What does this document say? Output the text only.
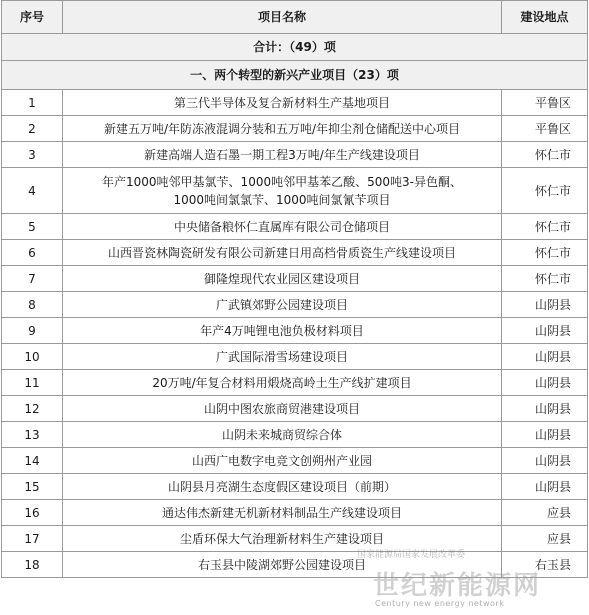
序号	项目名称	建设地点
合计：（49）项		
一、两个转型的新兴产业项目（23）项		
1	第三代半导体及复合新材料生产基地项目	平鲁区
2	新建五万吨/年防冻液混调分装和五万吨/年抑尘剂仓储配送中心项目	平鲁区
3	新建高端人造石墨一期工程3万吨/年生产线建设项目	怀仁市
4	年产1000吨邻甲基氯苄、1000吨邻甲基苯乙酸、500吨3-异色酮、
1000吨间氯氯苄、1000吨间氯氰苄项目	怀仁市
5	中央储备粮怀仁直属库有限公司仓储项目	怀仁市
6	山西晋瓷林陶瓷研发有限公司新建日用高档骨质瓷生产线建设项目	怀仁市
7	御隆煌现代农业园区建设项目	怀仁市
8	广武镇郊野公园建设项目	山阴县
9	年产4万吨锂电池负极材料项目	山阴县
10	广武国际滑雪场建设项目	山阴县
11	20万吨/年复合材料用煅烧高岭土生产线扩建项目	山阴县
12	山阴中图农旅商贸港建设项目	山阴县
13	山阴未来城商贸综合体	山阴县
14	山西广电数字电竞文创朔州产业园	山阴县
15	山阴县月亮湖生态度假区建设项目（前期）	山阴县
16	通达伟杰新建无机新材料制品生产线建设项目	应县
17	尘盾环保大气治理新材料生产建设项目	应县
18	右玉县中陵湖郊野公园建设项目	右玉县
国家能源局国家发展改革委
世纪新能源网
Century new energy network
